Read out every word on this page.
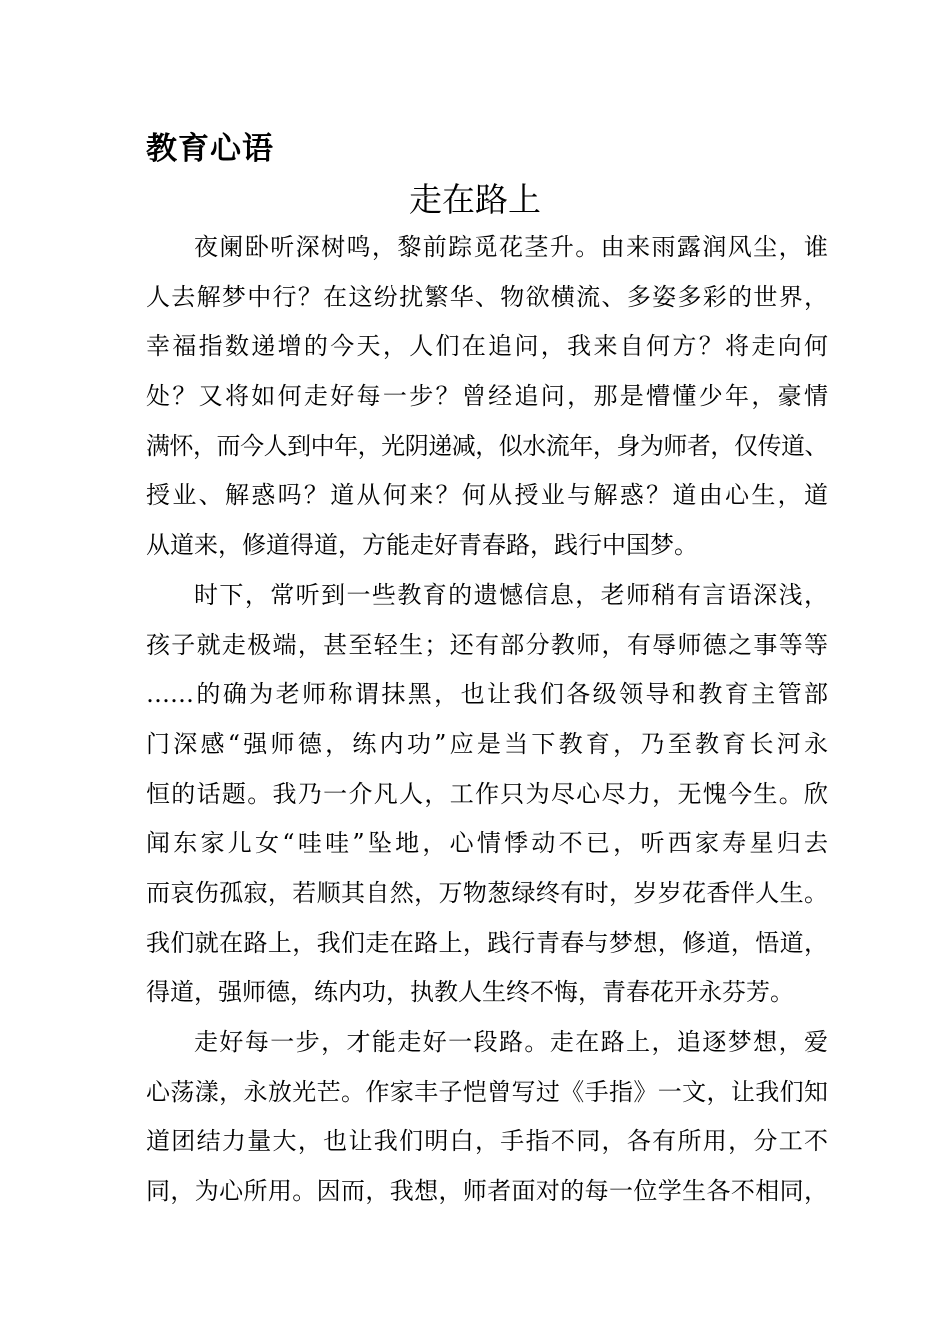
教育心语
走在路上
夜阑卧听深树鸣，黎前踪觅花茎升。由来雨露润风尘，谁
人去解梦中行？在这纷扰繁华、物欲横流、多姿多彩的世界，
幸福指数递增的今天，人们在追问，我来自何方？将走向何
处？又将如何走好每一步？曾经追问，那是懵懂少年，豪情
满怀，而今人到中年，光阴递减，似水流年，身为师者，仅传道、
授业、解惑吗？道从何来？何从授业与解惑？道由心生，道
从道来，修道得道，方能走好青春路，践行中国梦。
时下，常听到一些教育的遗憾信息，老师稍有言语深浅，
孩子就走极端，甚至轻生；还有部分教师，有辱师德之事等等
……的确为老师称谓抹黑，也让我们各级领导和教育主管部
门深感“强师德，练内功”应是当下教育，乃至教育长河永
恒的话题。我乃一介凡人，工作只为尽心尽力，无愧今生。欣
闻东家儿女“哇哇”坠地，心情悸动不已，听西家寿星归去
而哀伤孤寂，若顺其自然，万物葱绿终有时，岁岁花香伴人生。
我们就在路上，我们走在路上，践行青春与梦想，修道，悟道，
得道，强师德，练内功，执教人生终不悔，青春花开永芬芳。
走好每一步，才能走好一段路。走在路上，追逐梦想，爱
心荡漾，永放光芒。作家丰子恺曾写过《手指》一文，让我们知
道团结力量大，也让我们明白，手指不同，各有所用，分工不
同，为心所用。因而，我想，师者面对的每一位学生各不相同，
